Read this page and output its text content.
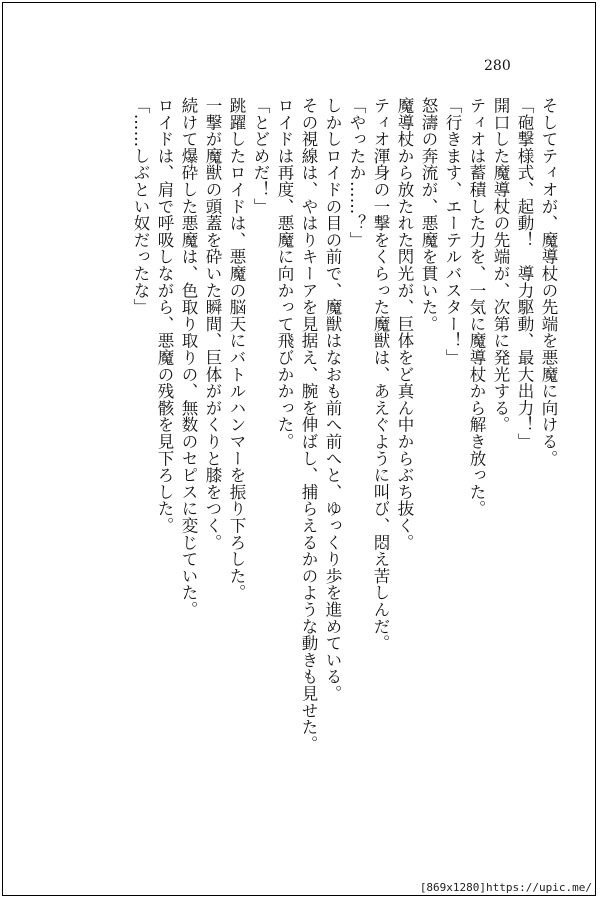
280
そしてティオが、魔導杖の先端を悪魔に向ける。
「砲撃様式、起動！　導力駆動、最大出力！」
開口した魔導杖の先端が、次第に発光する。
ティオは蓄積した力を、一気に魔導杖から解き放った。
「行きます、エーテルバスター！」
怒濤の奔流が、悪魔を貫いた。
魔導杖から放たれた閃光が、巨体をど真ん中からぶち抜く。
ティオ渾身の一撃をくらった魔獣は、あえぐように叫び、悶え苦しんだ。
「やったか……？」
しかしロイドの目の前で、魔獣はなおも前へ前へと、ゆっくり歩を進めている。
その視線は、やはりキーアを見据え、腕を伸ばし、捕らえるかのような動きも見せた。
ロイドは再度、悪魔に向かって飛びかかった。
「とどめだ！」
跳躍したロイドは、悪魔の脳天にバトルハンマーを振り下ろした。
一撃が魔獣の頭蓋を砕いた瞬間、巨体ががくりと膝をつく。
続けて爆砕した悪魔は、色取り取りの、無数のセピスに変じていた。
ロイドは、肩で呼吸しながら、悪魔の残骸を見下ろした。
「……しぶとい奴だったな」
[869x1280]https://upic.me/
